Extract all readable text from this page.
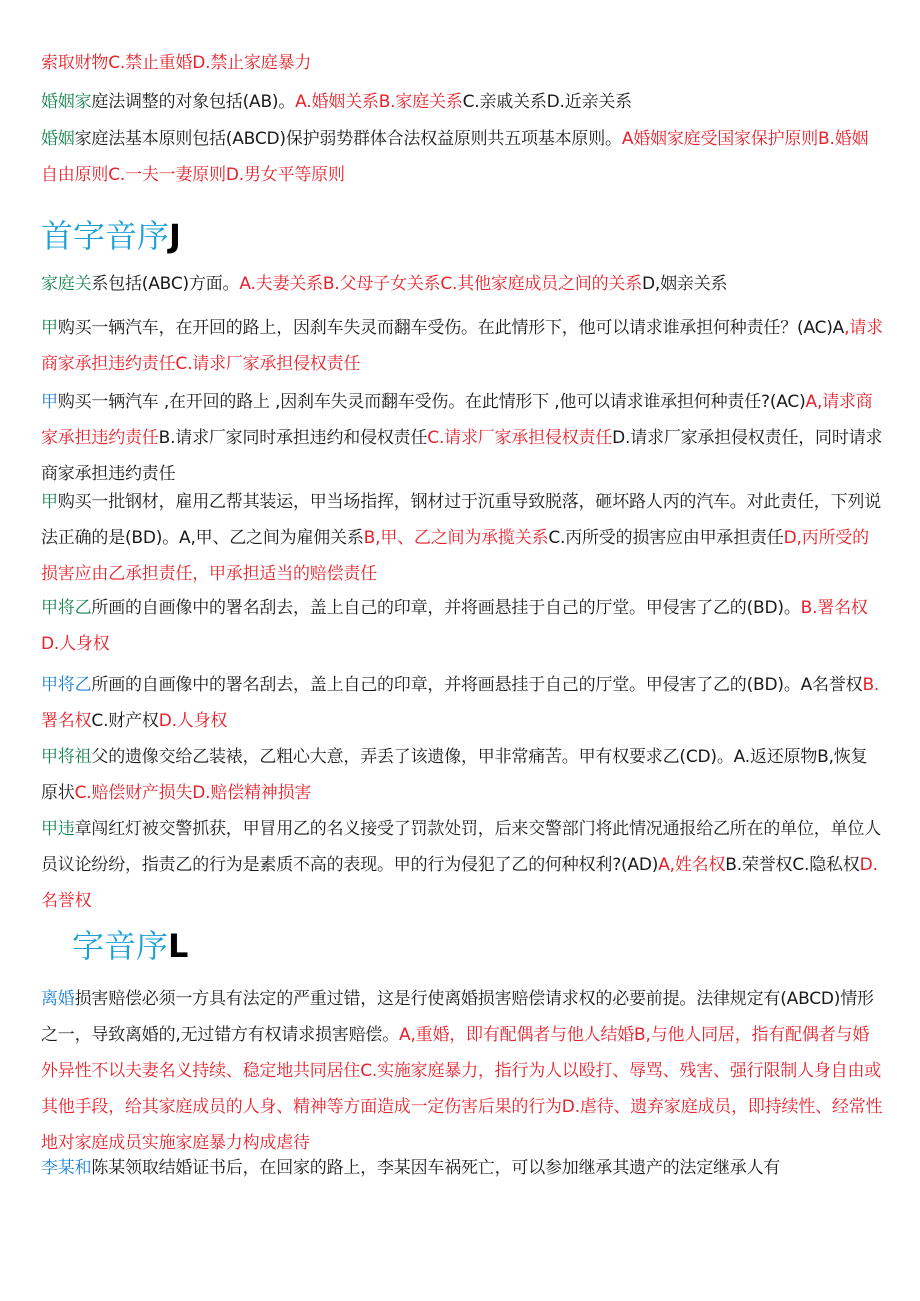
索取财物C.禁止重婚D.禁止家庭暴力
婚姻家庭法调整的对象包括(AB)。A.婚姻关系B.家庭关系C.亲戚关系D.近亲关系
婚姻家庭法基本原则包括(ABCD)保护弱势群体合法权益原则共五项基本原则。A婚姻家庭受国家保护原则B.婚姻自由原则C.一夫一妻原则D.男女平等原则
首字音序J
家庭关系包括(ABC)方面。A.夫妻关系B.父母子女关系C.其他家庭成员之间的关系D,姻亲关系
甲购买一辆汽车，在开回的路上，因刹车失灵而翻车受伤。在此情形下，他可以请求谁承担何种责任？(AC)A,请求商家承担违约责任C.请求厂家承担侵权责任
甲购买一辆汽车 ,在开回的路上 ,因刹车失灵而翻车受伤。在此情形下 ,他可以请求谁承担何种责任?(AC)A,请求商家承担违约责任B.请求厂家同时承担违约和侵权责任C.请求厂家承担侵权责任D.请求厂家承担侵权责任，同时请求商家承担违约责任
甲购买一批钢材，雇用乙帮其装运，甲当场指挥，钢材过于沉重导致脱落，砸坏路人丙的汽车。对此责任，下列说法正确的是(BD)。A,甲、乙之间为雇佣关系B,甲、乙之间为承揽关系C.丙所受的损害应由甲承担责任D,丙所受的损害应由乙承担责任，甲承担适当的赔偿责任
甲将乙所画的自画像中的署名刮去，盖上自己的印章，并将画悬挂于自己的厅堂。甲侵害了乙的(BD)。B.署名权D.人身权
甲将乙所画的自画像中的署名刮去，盖上自己的印章，并将画悬挂于自己的厅堂。甲侵害了乙的(BD)。A名誉权B.署名权C.财产权D.人身权
甲将祖父的遗像交给乙装裱，乙粗心大意，弄丢了该遗像，甲非常痛苦。甲有权要求乙(CD)。A.返还原物B,恢复原状C.赔偿财产损失D.赔偿精神损害
甲违章闯红灯被交警抓获，甲冒用乙的名义接受了罚款处罚，后来交警部门将此情况通报给乙所在的单位，单位人员议论纷纷，指责乙的行为是素质不高的表现。甲的行为侵犯了乙的何种权利?(AD)A,姓名权B.荣誉权C.隐私权D.名誉权
字音序L
离婚损害赔偿必须一方具有法定的严重过错，这是行使离婚损害赔偿请求权的必要前提。法律规定有(ABCD)情形之一，导致离婚的,无过错方有权请求损害赔偿。A,重婚，即有配偶者与他人结婚B,与他人同居，指有配偶者与婚外异性不以夫妻名义持续、稳定地共同居住C.实施家庭暴力，指行为人以殴打、辱骂、残害、强行限制人身自由或其他手段，给其家庭成员的人身、精神等方面造成一定伤害后果的行为D.虐待、遗弃家庭成员，即持续性、经常性地对家庭成员实施家庭暴力构成虐待
李某和陈某领取结婚证书后，在回家的路上，李某因车祸死亡，可以参加继承其遗产的法定继承人有
